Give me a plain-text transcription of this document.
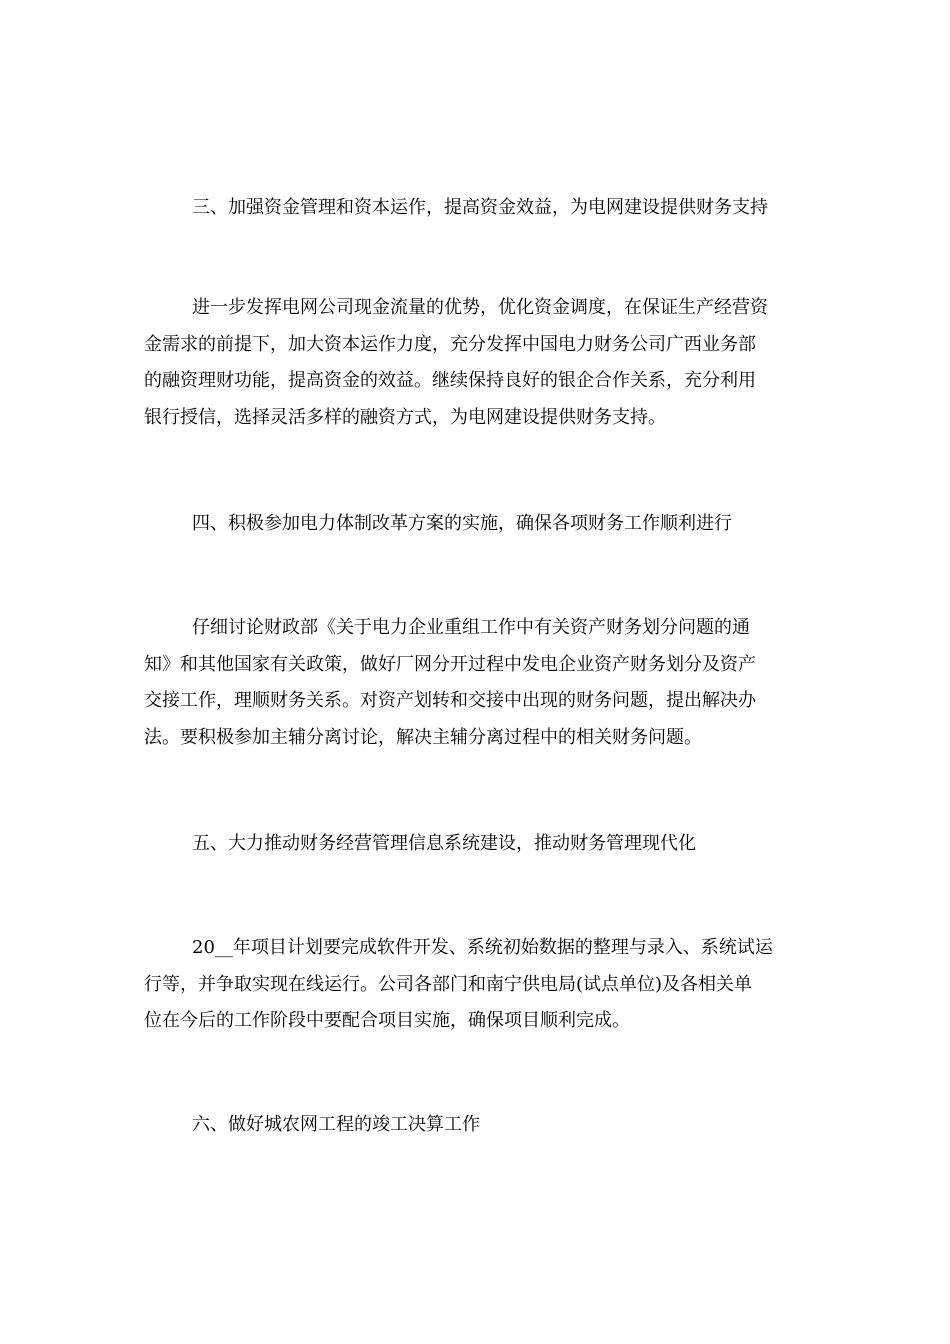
三、加强资金管理和资本运作，提高资金效益，为电网建设提供财务支持
进一步发挥电网公司现金流量的优势，优化资金调度，在保证生产经营资
金需求的前提下，加大资本运作力度，充分发挥中国电力财务公司广西业务部
的融资理财功能，提高资金的效益。继续保持良好的银企合作关系，充分利用
银行授信，选择灵活多样的融资方式，为电网建设提供财务支持。
四、积极参加电力体制改革方案的实施，确保各项财务工作顺利进行
仔细讨论财政部《关于电力企业重组工作中有关资产财务划分问题的通
知》和其他国家有关政策，做好厂网分开过程中发电企业资产财务划分及资产
交接工作，理顺财务关系。对资产划转和交接中出现的财务问题，提出解决办
法。要积极参加主辅分离讨论，解决主辅分离过程中的相关财务问题。
五、大力推动财务经营管理信息系统建设，推动财务管理现代化
20__年项目计划要完成软件开发、系统初始数据的整理与录入、系统试运
行等，并争取实现在线运行。公司各部门和南宁供电局(试点单位)及各相关单
位在今后的工作阶段中要配合项目实施，确保项目顺利完成。
六、做好城农网工程的竣工决算工作
